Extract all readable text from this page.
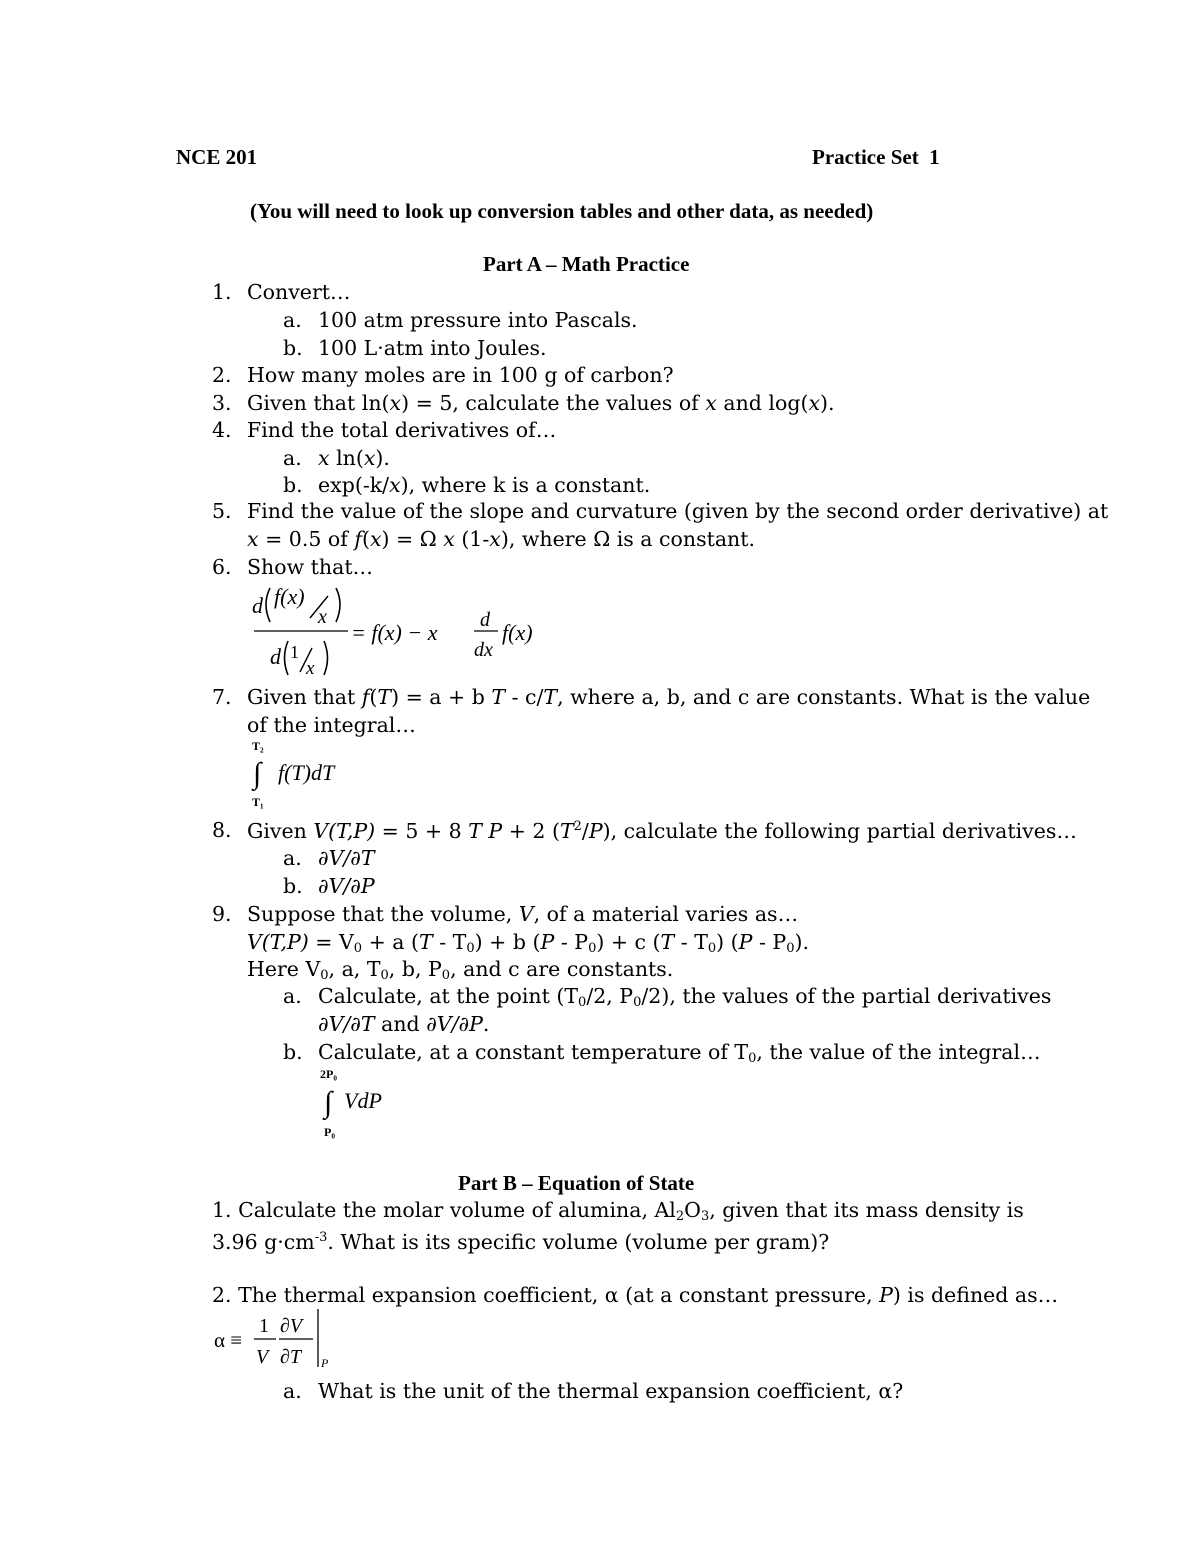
NCE 201	Practice Set  1
(You will need to look up conversion tables and other data, as needed)
Part A – Math Practice
1. Convert…
a. 100 atm pressure into Pascals.
b. 100 L·atm into Joules.
2. How many moles are in 100 g of carbon?
3. Given that ln(x) = 5, calculate the values of x and log(x).
4. Find the total derivatives of…
a. x ln(x).
b. exp(-k/x), where k is a constant.
5. Find the value of the slope and curvature (given by the second order derivative) at
x = 0.5 of f(x) = Ω x (1-x), where Ω is a constant.
6. Show that…
d f(x)
x
d 1
x
= f(x) − x d
dx
f(x)
7. Given that f(T) = a + b T - c/T, where a, b, and c are constants. What is the value
of the integral…
T₂
∫
T₁
f(T)dT
8. Given V(T,P) = 5 + 8 T P + 2 $(T^2/P)$, calculate the following partial derivatives…
a. ∂V/∂T
b. ∂V/∂P
9. Suppose that the volume, V, of a material varies as…
$V(T,P) = V_0 + a$ $(T - T_0) + b$ $(P - P_0) + c$ $(T - T_0)$ $(P - P_0)$.
Here $V_0$, a, $T_0$, b, $P_0$, and c are constants.
a. Calculate, at the point ($T_0/2$, $P_0/2$), the values of the partial derivatives
∂V/∂T and ∂V/∂P.
b. Calculate, at a constant temperature of $T_0$, the value of the integral…
2P₀
∫
P₀
VdP
Part B – Equation of State
1. Calculate the molar volume of alumina, $Al_2O_3$, given that its mass density is
3.96 $g\cdot cm^{-3}$. What is its specific volume (volume per gram)?
2. The thermal expansion coefficient, α (at a constant pressure, P) is defined as…
α ≡
1
V
∂V
∂T P
a. What is the unit of the thermal expansion coefficient, α?
